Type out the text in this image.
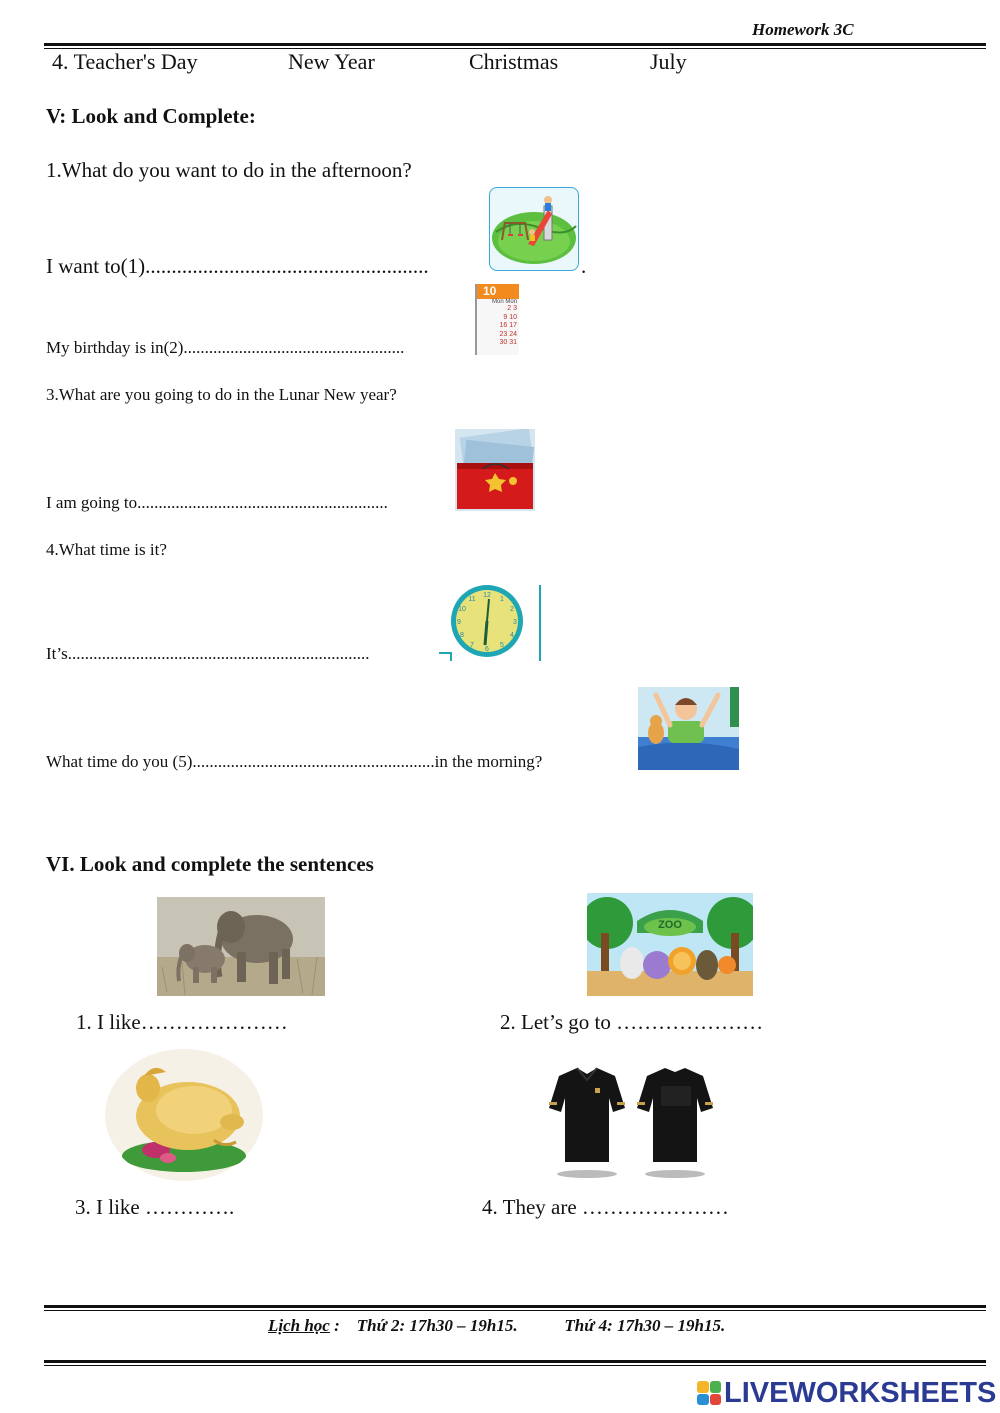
Homework 3C
4. Teacher's Day	New Year	Christmas	July
V: Look and Complete:
1.What do you want to do in the afternoon?
I want to(1)......................................................	.
My birthday is in(2)....................................................
10
Mon Mon
2 3
9 10
16 17
23 24
30 31
3.What are you going to do in the Lunar New year?
I am going to...........................................................
4.What time is it?
It’s.......................................................................
12
1
2
3
4
5
6
7
8
9
10
11
What time do you (5).........................................................in the morning?
VI. Look and complete the sentences
ZOO
1. I like…………………	2. Let’s go to …………………
3. I like ………….	4. They are …………………
Lịch học : Thứ 2: 17h30 – 19h15.	Thứ 4: 17h30 – 19h15.
LIVEWORKSHEETS
